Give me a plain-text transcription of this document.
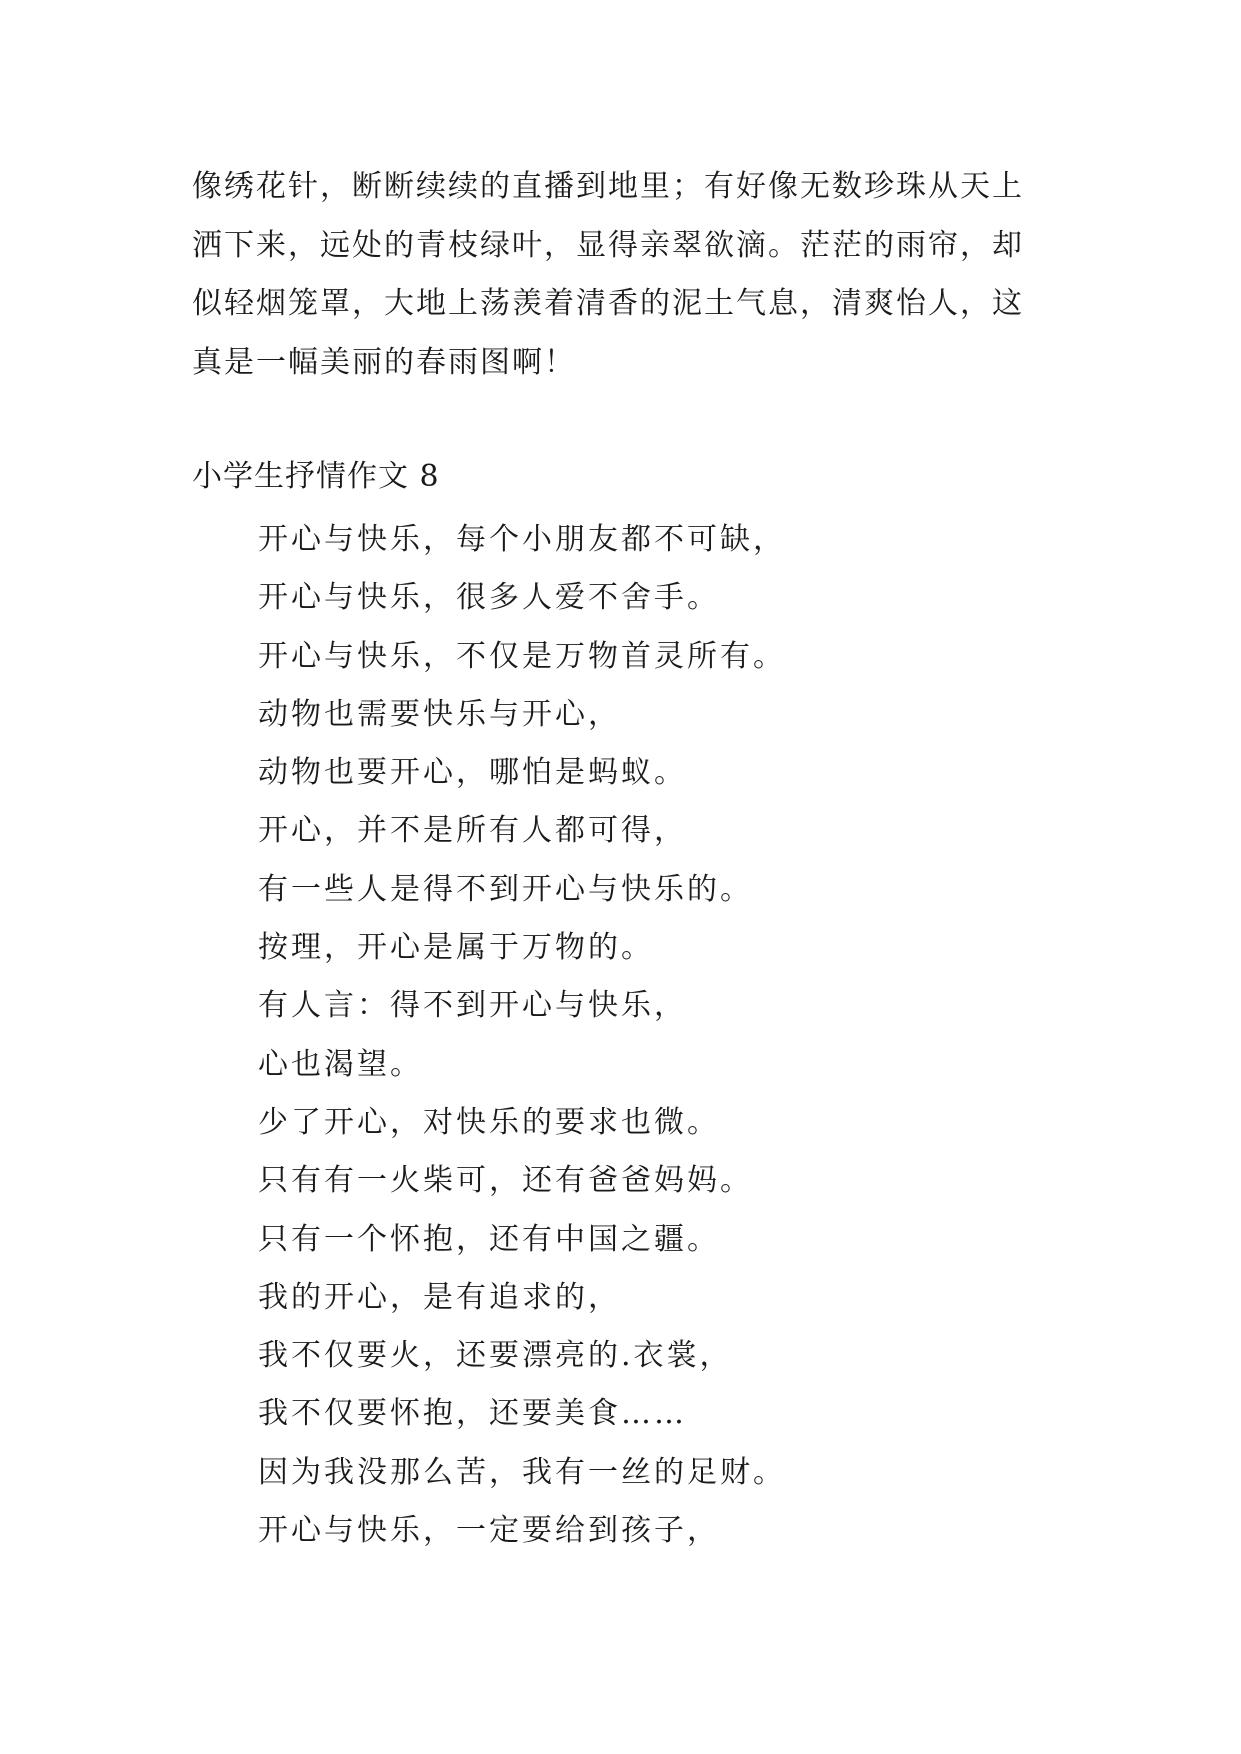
像绣花针，断断续续的直播到地里；有好像无数珍珠从天上
洒下来，远处的青枝绿叶，显得亲翠欲滴。茫茫的雨帘，却
似轻烟笼罩，大地上荡羡着清香的泥土气息，清爽怡人，这
真是一幅美丽的春雨图啊！
小学生抒情作文 8
开心与快乐，每个小朋友都不可缺，
开心与快乐，很多人爱不舍手。
开心与快乐，不仅是万物首灵所有。
动物也需要快乐与开心，
动物也要开心，哪怕是蚂蚁。
开心，并不是所有人都可得，
有一些人是得不到开心与快乐的。
按理，开心是属于万物的。
有人言：得不到开心与快乐，
心也渴望。
少了开心，对快乐的要求也微。
只有有一火柴可，还有爸爸妈妈。
只有一个怀抱，还有中国之疆。
我的开心，是有追求的，
我不仅要火，还要漂亮的.衣裳，
我不仅要怀抱，还要美食……
因为我没那么苦，我有一丝的足财。
开心与快乐，一定要给到孩子，
